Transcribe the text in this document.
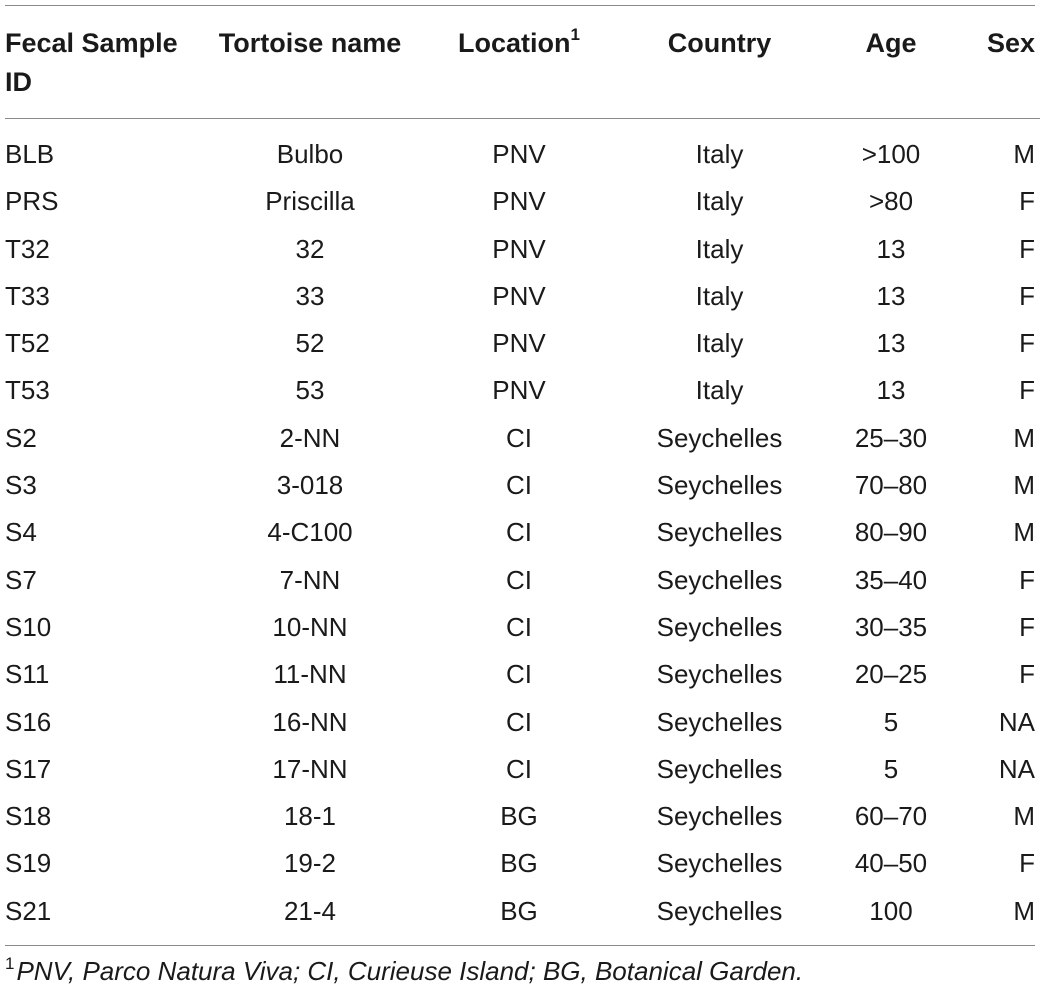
Fecal Sample ID	Tortoise name	Location$^1$	Country	Age	Sex

BLB	Bulbo	PNV	Italy	>100	M
PRS	Priscilla	PNV	Italy	>80	F
T32	32	PNV	Italy	13	F
T33	33	PNV	Italy	13	F
T52	52	PNV	Italy	13	F
T53	53	PNV	Italy	13	F
S2	2-NN	CI	Seychelles	25–30	M
S3	3-018	CI	Seychelles	70–80	M
S4	4-C100	CI	Seychelles	80–90	M
S7	7-NN	CI	Seychelles	35–40	F
S10	10-NN	CI	Seychelles	30–35	F
S11	11-NN	CI	Seychelles	20–25	F
S16	16-NN	CI	Seychelles	5	NA
S17	17-NN	CI	Seychelles	5	NA
S18	18-1	BG	Seychelles	60–70	M
S19	19-2	BG	Seychelles	40–50	F
S21	21-4	BG	Seychelles	100	M
$^1$PNV, Parco Natura Viva; CI, Curieuse Island; BG, Botanical Garden.
